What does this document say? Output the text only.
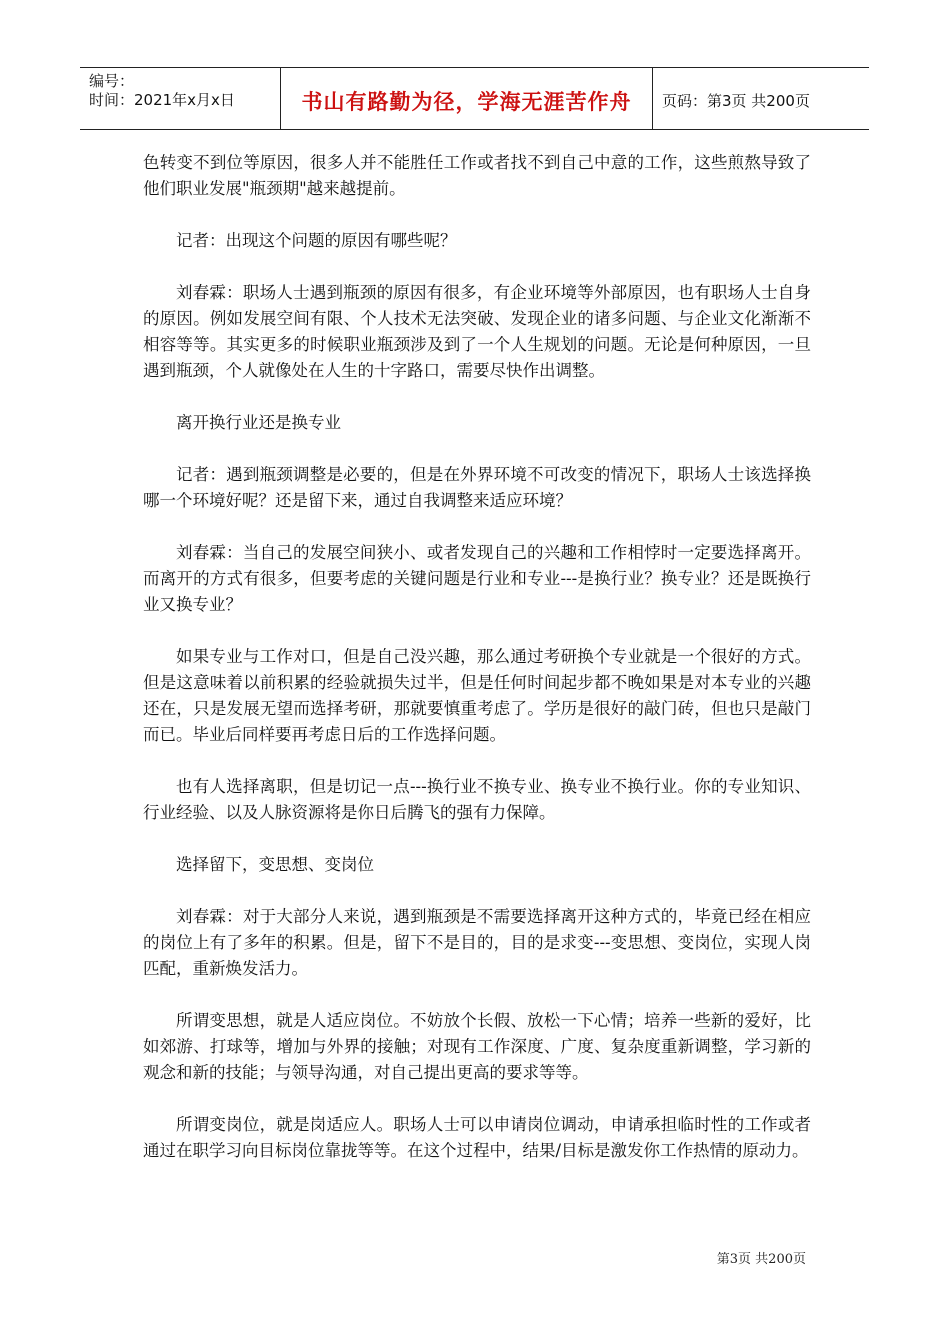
编号：
时间：2021年x月x日	书山有路勤为径，学海无涯苦作舟 页码：第3页 共200页

色转变不到位等原因，很多人并不能胜任工作或者找不到自己中意的工作，这些煎熬导致了他们职业发展"瓶颈期"越来越提前。

记者：出现这个问题的原因有哪些呢？

刘春霖：职场人士遇到瓶颈的原因有很多，有企业环境等外部原因，也有职场人士自身的原因。例如发展空间有限、个人技术无法突破、发现企业的诸多问题、与企业文化渐渐不相容等等。其实更多的时候职业瓶颈涉及到了一个人生规划的问题。无论是何种原因，一旦遇到瓶颈，个人就像处在人生的十字路口，需要尽快作出调整。

离开换行业还是换专业

记者：遇到瓶颈调整是必要的，但是在外界环境不可改变的情况下，职场人士该选择换哪一个环境好呢？还是留下来，通过自我调整来适应环境？

刘春霖：当自己的发展空间狭小、或者发现自己的兴趣和工作相悖时一定要选择离开。而离开的方式有很多，但要考虑的关键问题是行业和专业---是换行业？换专业？还是既换行业又换专业？

如果专业与工作对口，但是自己没兴趣，那么通过考研换个专业就是一个很好的方式。但是这意味着以前积累的经验就损失过半，但是任何时间起步都不晚如果是对本专业的兴趣还在，只是发展无望而选择考研，那就要慎重考虑了。学历是很好的敲门砖，但也只是敲门而已。毕业后同样要再考虑日后的工作选择问题。

也有人选择离职，但是切记一点---换行业不换专业、换专业不换行业。你的专业知识、行业经验、以及人脉资源将是你日后腾飞的强有力保障。

选择留下，变思想、变岗位

刘春霖：对于大部分人来说，遇到瓶颈是不需要选择离开这种方式的，毕竟已经在相应的岗位上有了多年的积累。但是，留下不是目的，目的是求变---变思想、变岗位，实现人岗匹配，重新焕发活力。

所谓变思想，就是人适应岗位。不妨放个长假、放松一下心情；培养一些新的爱好，比如郊游、打球等，增加与外界的接触；对现有工作深度、广度、复杂度重新调整，学习新的观念和新的技能；与领导沟通，对自己提出更高的要求等等。

所谓变岗位，就是岗适应人。职场人士可以申请岗位调动，申请承担临时性的工作或者通过在职学习向目标岗位靠拢等等。在这个过程中，结果/目标是激发你工作热情的原动力。

第3页 共200页
